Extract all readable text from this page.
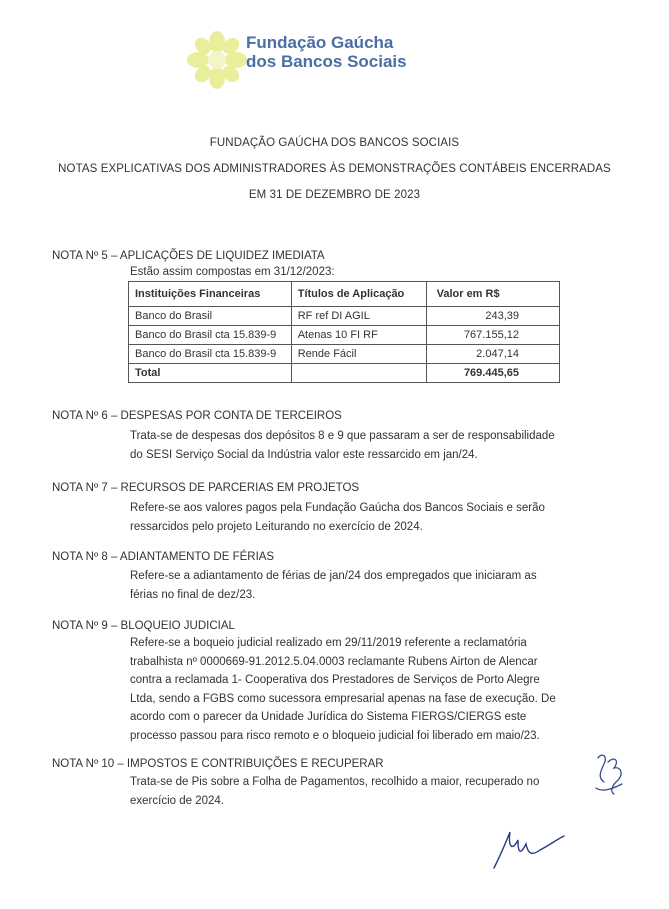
Fundação Gaúcha
dos Bancos Sociais
FUNDAÇÃO GAÚCHA DOS BANCOS SOCIAIS
NOTAS EXPLICATIVAS DOS ADMINISTRADORES ÀS DEMONSTRAÇÕES CONTÁBEIS ENCERRADAS
EM 31 DE DEZEMBRO DE 2023
NOTA Nº 5 – APLICAÇÕES DE LIQUIDEZ IMEDIATA
Estão assim compostas em 31/12/2023:
Instituições Financeiras	Títulos de Aplicação	Valor em R$
Banco do Brasil	RF ref DI AGIL	243,39
Banco do Brasil cta 15.839-9	Atenas 10 FI RF	767.155,12
Banco do Brasil cta 15.839-9	Rende Fácil	2.047,14
Total		769.445,65
NOTA Nº 6 – DESPESAS POR CONTA DE TERCEIROS
Trata-se de despesas dos depósitos 8 e 9 que passaram a ser de responsabilidade
do SESI Serviço Social da Indústria valor este ressarcido em jan/24.
NOTA Nº 7 – RECURSOS DE PARCERIAS EM PROJETOS
Refere-se aos valores pagos pela Fundação Gaúcha dos Bancos Sociais e serão
ressarcidos pelo projeto Leiturando no exercício de 2024.
NOTA Nº 8 – ADIANTAMENTO DE FÉRIAS
Refere-se a adiantamento de férias de jan/24 dos empregados que iniciaram as
férias no final de dez/23.
NOTA Nº 9 – BLOQUEIO JUDICIAL
Refere-se a boqueio judicial realizado em 29/11/2019 referente a reclamatória
trabalhista nº 0000669-91.2012.5.04.0003 reclamante Rubens Airton de Alencar
contra a reclamada 1- Cooperativa dos Prestadores de Serviços de Porto Alegre
Ltda, sendo a FGBS como sucessora empresarial apenas na fase de execução. De
acordo com o parecer da Unidade Jurídica do Sistema FIERGS/CIERGS este
processo passou para risco remoto e o bloqueio judicial foi liberado em maio/23.
NOTA Nº 10 – IMPOSTOS E CONTRIBUIÇÕES E RECUPERAR
Trata-se de Pis sobre a Folha de Pagamentos, recolhido a maior, recuperado no
exercício de 2024.
